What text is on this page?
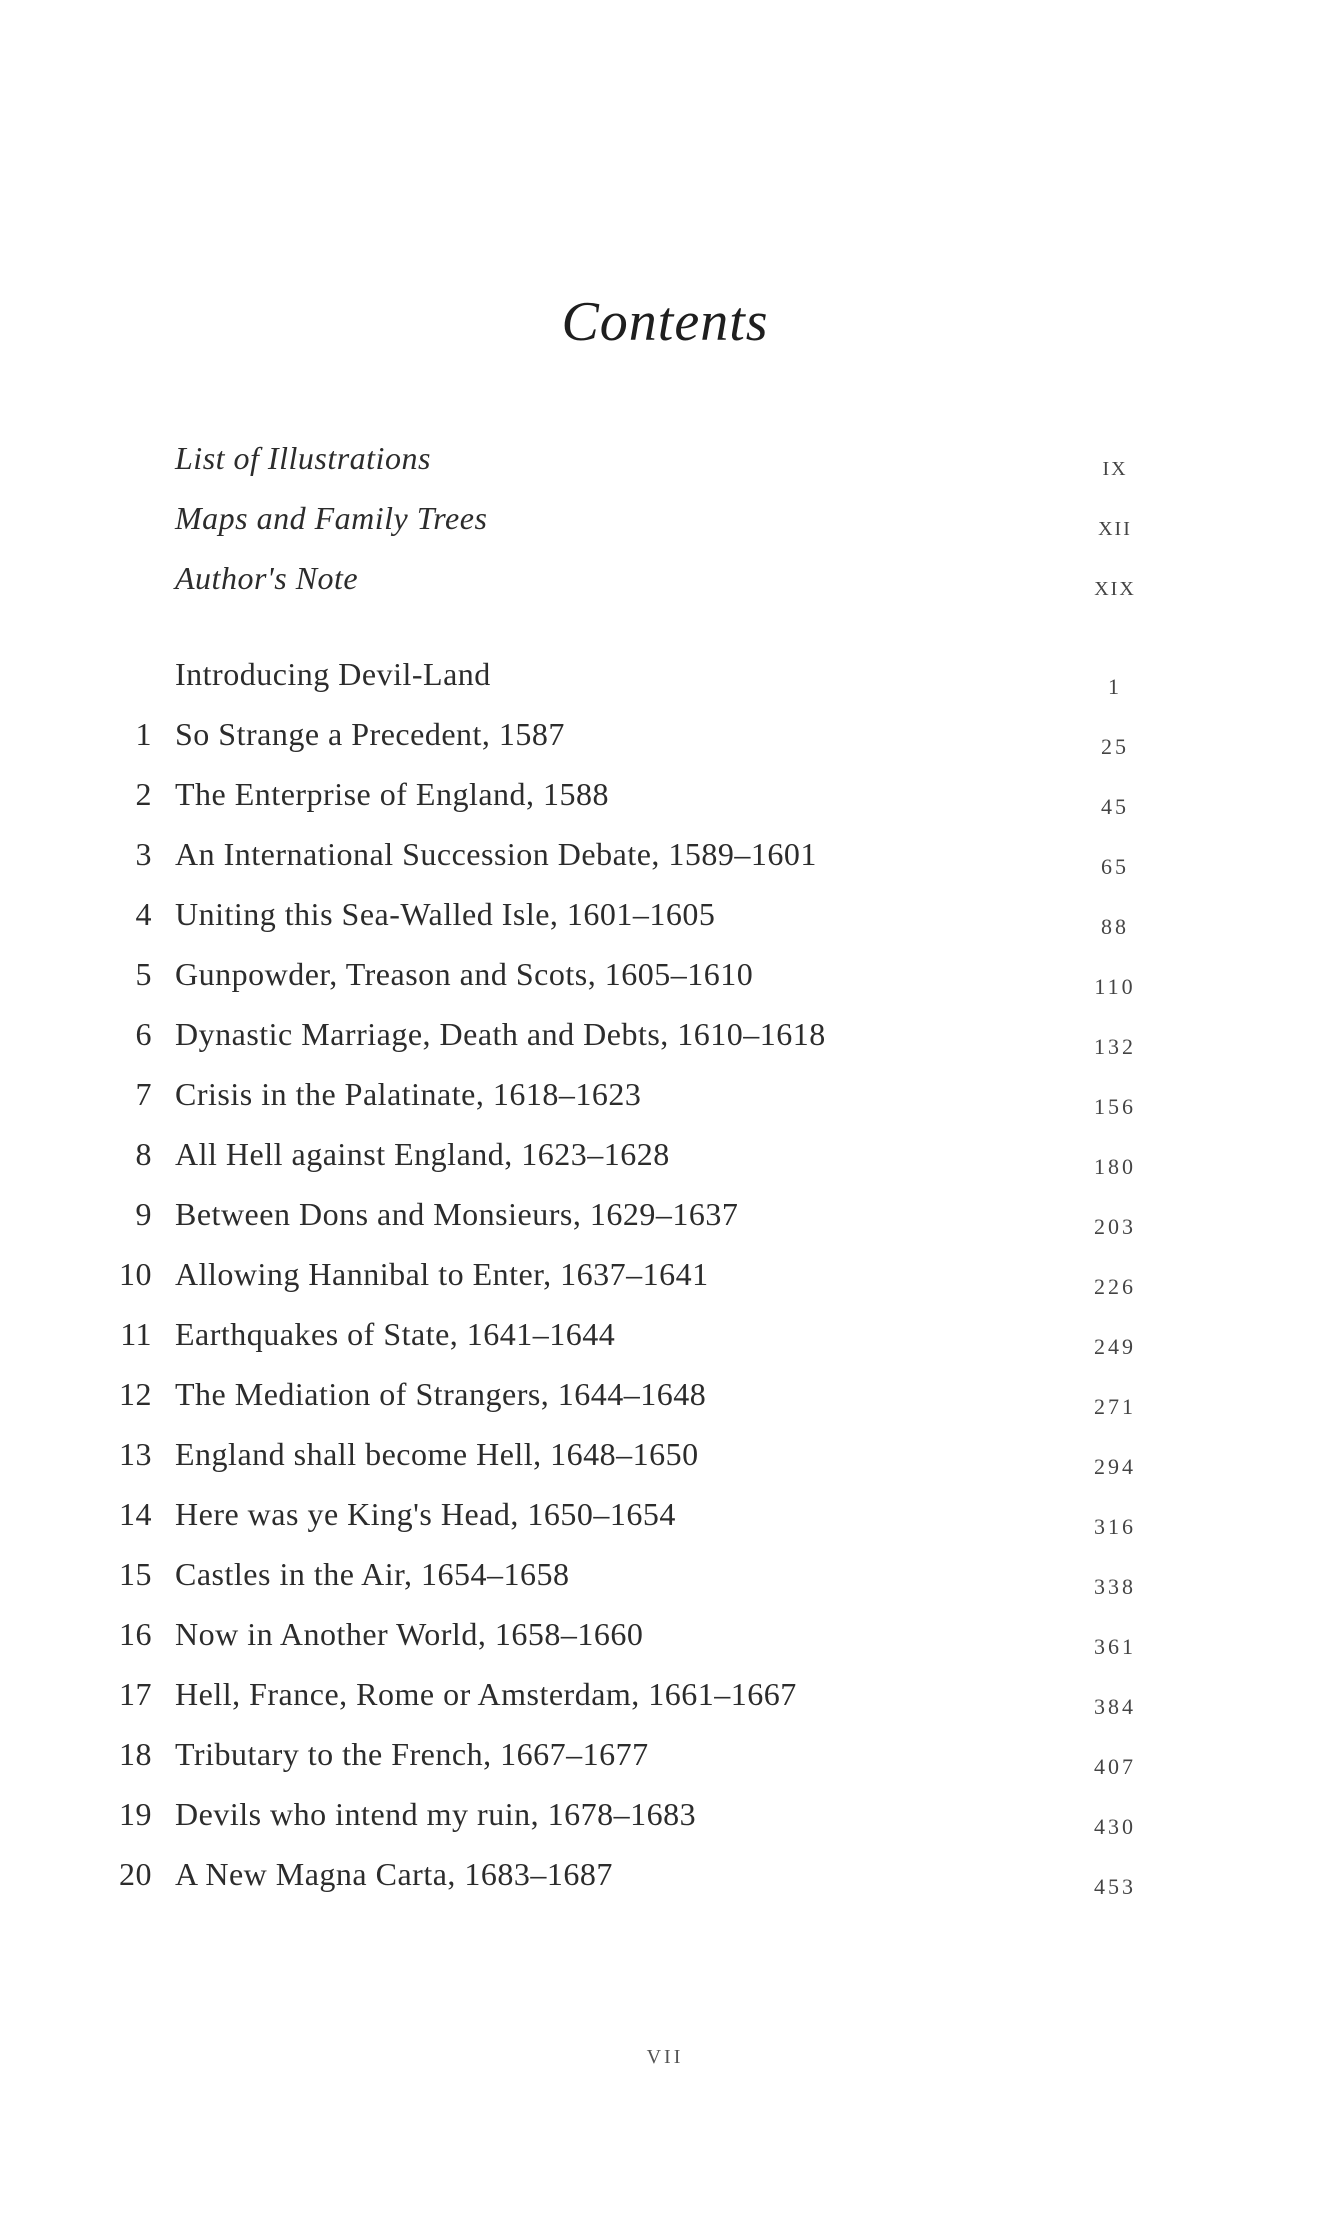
Contents
List of Illustrations	IX
Maps and Family Trees	XII
Author's Note	XIX
Introducing Devil-Land	1
1 So Strange a Precedent, 1587	25
2 The Enterprise of England, 1588	45
3 An International Succession Debate, 1589–1601	65
4 Uniting this Sea-Walled Isle, 1601–1605	88
5 Gunpowder, Treason and Scots, 1605–1610	110
6 Dynastic Marriage, Death and Debts, 1610–1618	132
7 Crisis in the Palatinate, 1618–1623	156
8 All Hell against England, 1623–1628	180
9 Between Dons and Monsieurs, 1629–1637	203
10 Allowing Hannibal to Enter, 1637–1641	226
11 Earthquakes of State, 1641–1644	249
12 The Mediation of Strangers, 1644–1648	271
13 England shall become Hell, 1648–1650	294
14 Here was ye King's Head, 1650–1654	316
15 Castles in the Air, 1654–1658	338
16 Now in Another World, 1658–1660	361
17 Hell, France, Rome or Amsterdam, 1661–1667	384
18 Tributary to the French, 1667–1677	407
19 Devils who intend my ruin, 1678–1683	430
20 A New Magna Carta, 1683–1687	453
VII
